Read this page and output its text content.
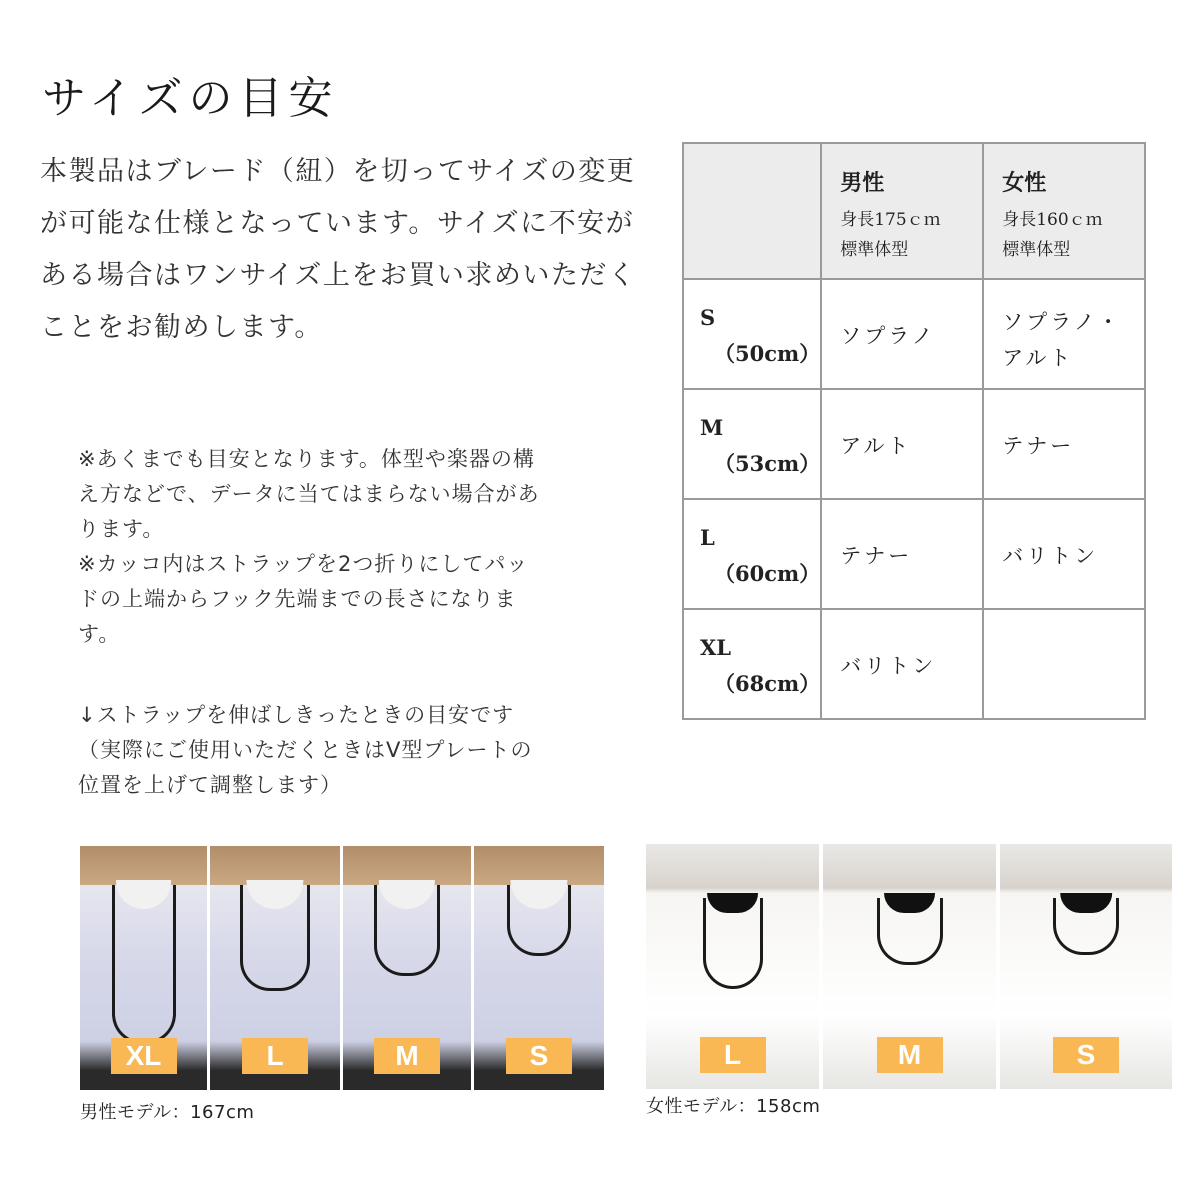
サイズの目安

本製品はブレード（紐）を切ってサイズの変更

が可能な仕様となっています。サイズに不安が

ある場合はワンサイズ上をお買い求めいただく

ことをお勧めします。

※あくまでも目安となります。体型や楽器の構

え方などで、データに当てはまらない場合があ

ります。

※カッコ内はストラップを2つ折りにしてパッ

ドの上端からフック先端までの長さになりま

す。

↓ストラップを伸ばしきったときの目安です

（実際にご使用いただくときはV型プレートの

位置を上げて調整します）

	男性
身長175ｃｍ
標準体型	女性
身長160ｃｍ
標準体型

S
（50cm）	ソプラノ	ソプラノ・アルト

M
（53cm）	アルト	テナー

L
（60cm）	テナー	バリトン

XL
（68cm）	バリトン	

XL	L	M	S
男性モデル：167cm
L	M	S
女性モデル：158cm
